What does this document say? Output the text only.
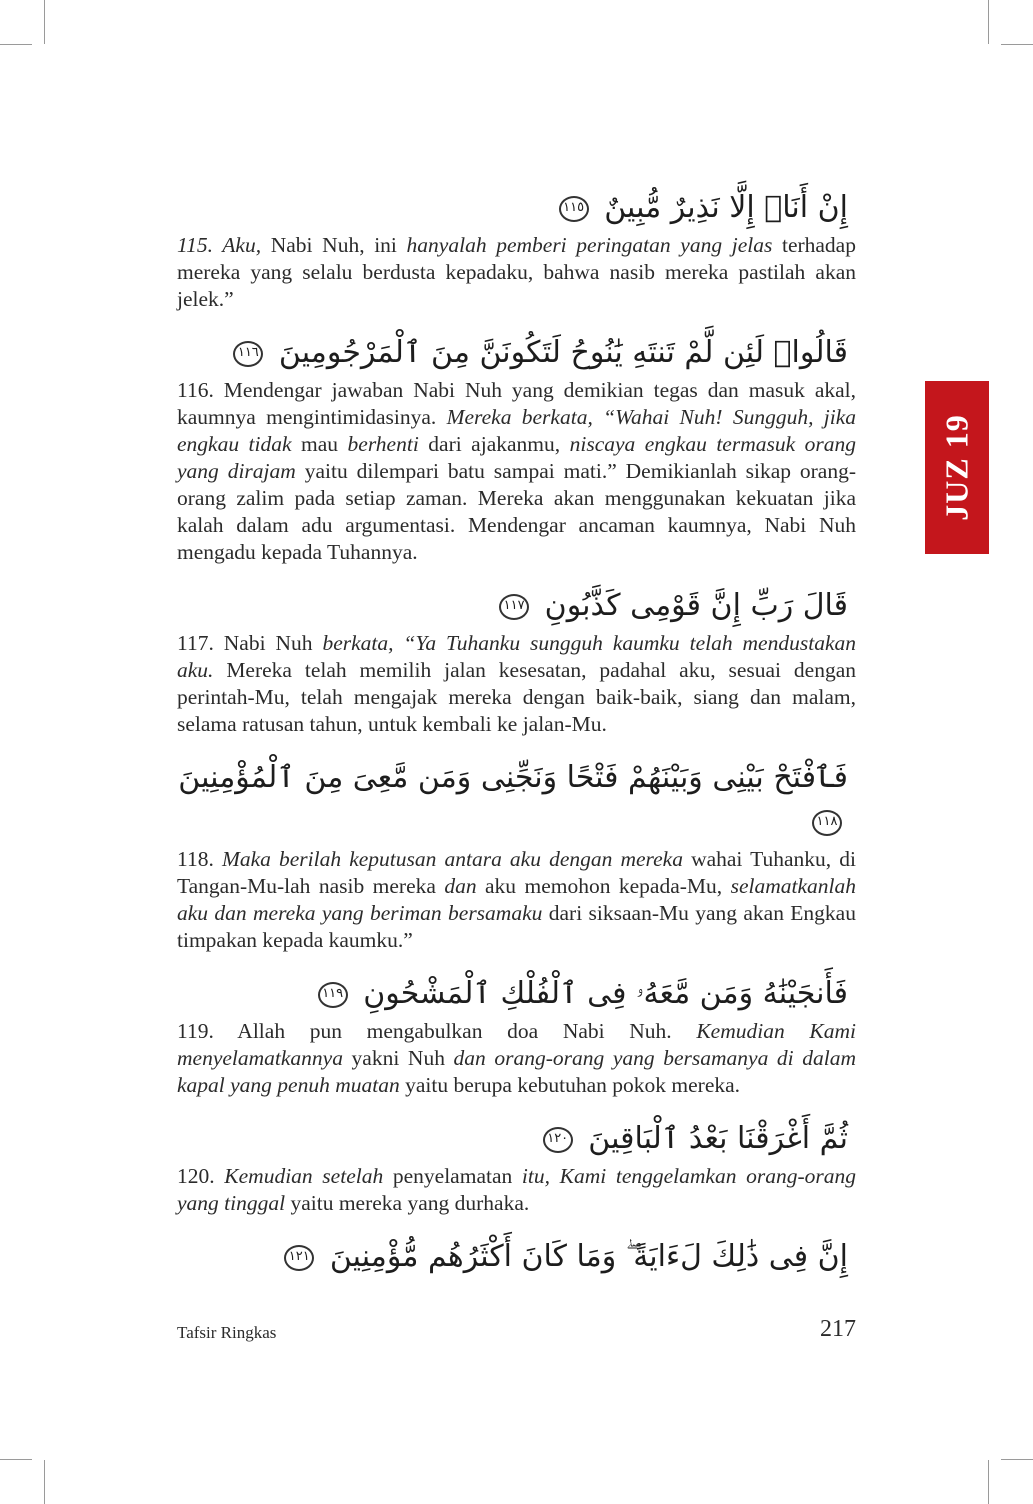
JUZ 19
إِنْ أَنَا۠ إِلَّا نَذِيرٌ مُّبِينٌ ١١٥

115. Aku, Nabi Nuh, ini hanyalah pemberi peringatan yang jelas terhadap mereka yang selalu berdusta kepadaku, bahwa nasib mereka pastilah akan jelek.”

قَالُوا۟ لَئِن لَّمْ تَنتَهِ يَٰنُوحُ لَتَكُونَنَّ مِنَ ٱلْمَرْجُومِينَ ١١٦

116. Mendengar jawaban Nabi Nuh yang demikian tegas dan masuk akal, kaumnya mengintimidasinya. Mereka berkata, “Wahai Nuh! Sungguh, jika engkau tidak mau berhenti dari ajakanmu, niscaya engkau termasuk orang yang dirajam yaitu dilempari batu sampai mati.” Demikianlah sikap orang-orang zalim pada setiap zaman. Mereka akan menggunakan kekuatan jika kalah dalam adu argumentasi. Mendengar ancaman kaumnya, Nabi Nuh mengadu kepada Tuhannya.

قَالَ رَبِّ إِنَّ قَوْمِى كَذَّبُونِ ١١٧

117. Nabi Nuh berkata, “Ya Tuhanku sungguh kaumku telah mendustakan aku. Mereka telah memilih jalan kesesatan, padahal aku, sesuai dengan perintah-Mu, telah mengajak mereka dengan baik-baik, siang dan malam, selama ratusan tahun, untuk kembali ke jalan-Mu.

فَٱفْتَحْ بَيْنِى وَبَيْنَهُمْ فَتْحًا وَنَجِّنِى وَمَن مَّعِىَ مِنَ ٱلْمُؤْمِنِينَ ١١٨

118. Maka berilah keputusan antara aku dengan mereka wahai Tuhanku, di Tangan-Mu-lah nasib mereka dan aku memohon kepada-Mu, selamatkanlah aku dan mereka yang beriman bersamaku dari siksaan-Mu yang akan Engkau timpakan kepada kaumku.”

فَأَنجَيْنَٰهُ وَمَن مَّعَهُۥ فِى ٱلْفُلْكِ ٱلْمَشْحُونِ ١١٩

119. Allah pun mengabulkan doa Nabi Nuh. Kemudian Kami menyelamatkannya yakni Nuh dan orang-orang yang bersamanya di dalam kapal yang penuh muatan yaitu berupa kebutuhan pokok mereka.

ثُمَّ أَغْرَقْنَا بَعْدُ ٱلْبَاقِينَ ١٢٠

120. Kemudian setelah penyelamatan itu, Kami tenggelamkan orang-orang yang tinggal yaitu mereka yang durhaka.

إِنَّ فِى ذَٰلِكَ لَءَايَةً ۖ وَمَا كَانَ أَكْثَرُهُم مُّؤْمِنِينَ ١٢١
Tafsir Ringkas	217
